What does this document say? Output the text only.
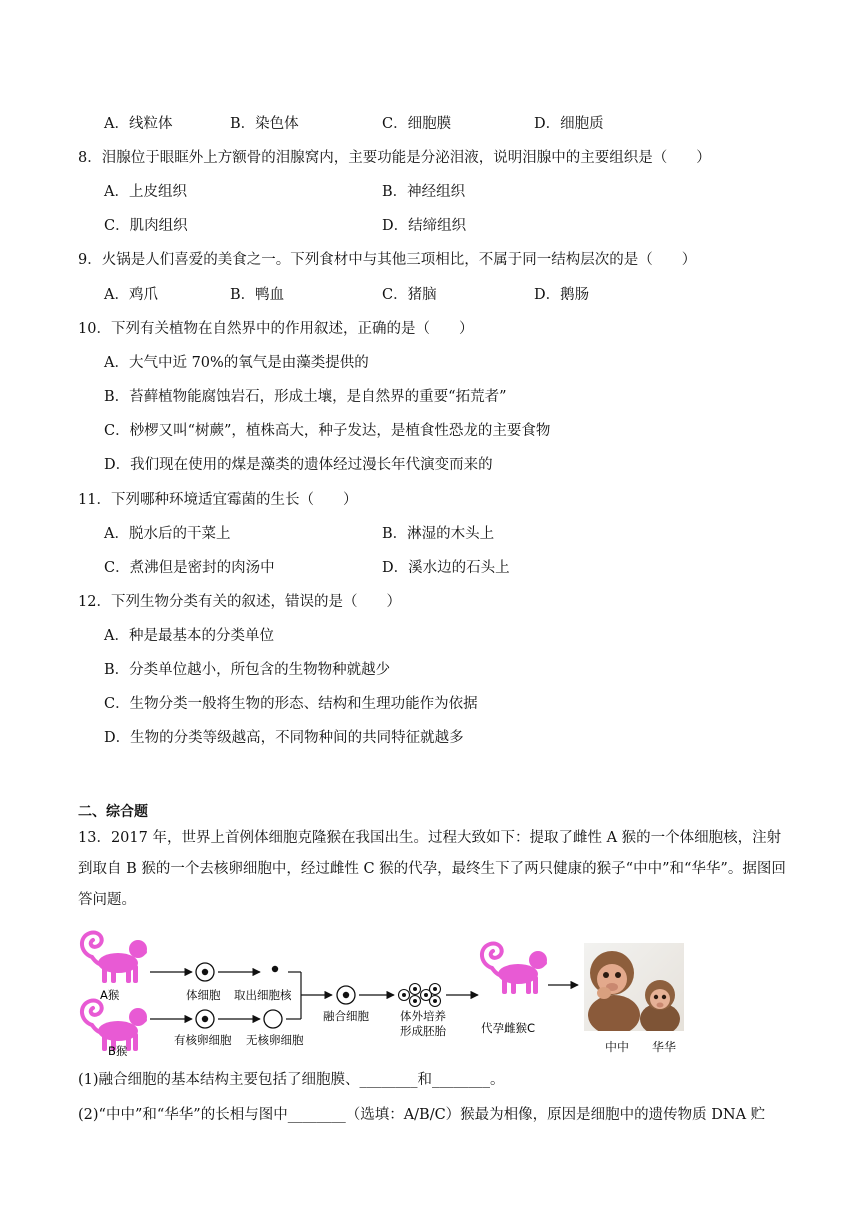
A．线粒体	B．染色体	C．细胞膜	D．细胞质
8．泪腺位于眼眶外上方额骨的泪腺窝内，主要功能是分泌泪液，说明泪腺中的主要组织是（　　）
A．上皮组织	B．神经组织
C．肌肉组织	D．结缔组织
9．火锅是人们喜爱的美食之一。下列食材中与其他三项相比，不属于同一结构层次的是（　　）
A．鸡爪	B．鸭血	C．猪脑	D．鹅肠
10．下列有关植物在自然界中的作用叙述，正确的是（　　）
A．大气中近 70%的氧气是由藻类提供的
B．苔藓植物能腐蚀岩石，形成土壤，是自然界的重要“拓荒者”
C．桫椤又叫“树蕨”，植株高大，种子发达，是植食性恐龙的主要食物
D．我们现在使用的煤是藻类的遗体经过漫长年代演变而来的
11．下列哪种环境适宜霉菌的生长（　　）
A．脱水后的干菜上	B．淋湿的木头上
C．煮沸但是密封的肉汤中	D．溪水边的石头上
12．下列生物分类有关的叙述，错误的是（　　）
A．种是最基本的分类单位
B．分类单位越小，所包含的生物物种就越少
C．生物分类一般将生物的形态、结构和生理功能作为依据
D．生物的分类等级越高，不同物种间的共同特征就越多
二、综合题
13．2017 年，世界上首例体细胞克隆猴在我国出生。过程大致如下：提取了雌性 A 猴的一个体细胞核，注射到取自 B 猴的一个去核卵细胞中，经过雌性 C 猴的代孕，最终生下了两只健康的猴子“中中”和“华华”。据图回答问题。
A猴
B猴
体细胞 取出细胞核
有核卵细胞 无核卵细胞
融合细胞	体外培养
形成胚胎	代孕雌猴C
中中 华华
(1)融合细胞的基本结构主要包括了细胞膜、________和________。
(2)“中中”和“华华”的长相与图中________（选填：A/B/C）猴最为相像，原因是细胞中的遗传物质 DNA 贮
